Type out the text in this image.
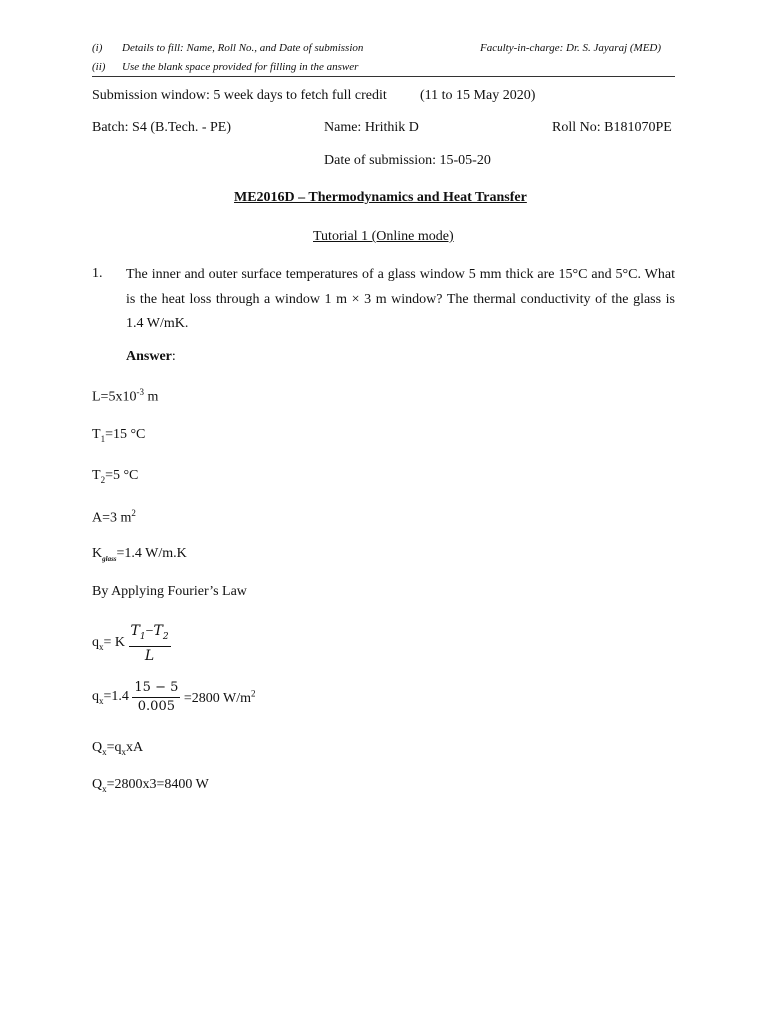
(i) Details to fill: Name, Roll No., and Date of submission	Faculty-in-charge: Dr. S. Jayaraj (MED)
(ii) Use the blank space provided for filling in the answer
Submission window: 5 week days to fetch full credit (11 to 15 May 2020)
Batch: S4 (B.Tech. - PE)	Name: Hrithik D	Roll No: B181070PE
Date of submission: 15-05-20
ME2016D – Thermodynamics and Heat Transfer
Tutorial 1 (Online mode)
1. The inner and outer surface temperatures of a glass window 5 mm thick are 15°C and 5°C. What is the heat loss through a window 1 m × 3 m window? The thermal conductivity of the glass is 1.4 W/mK.
Answer:
$L=5x10^{-3}$ m
$T_1=15$ °C
$T_2=5$ °C
A=3 $m^2$
$K_{glass}=1.4$ W/m.K
By Applying Fourier’s Law
$q_x= K \frac{T_1-T_2}{L}$
$q_x=1.4 \frac{15 - 5}{0.005} =2800$ $W/m^2$
$Q_x=q_xxA$
$Q_x=2800x3=8400$ W
